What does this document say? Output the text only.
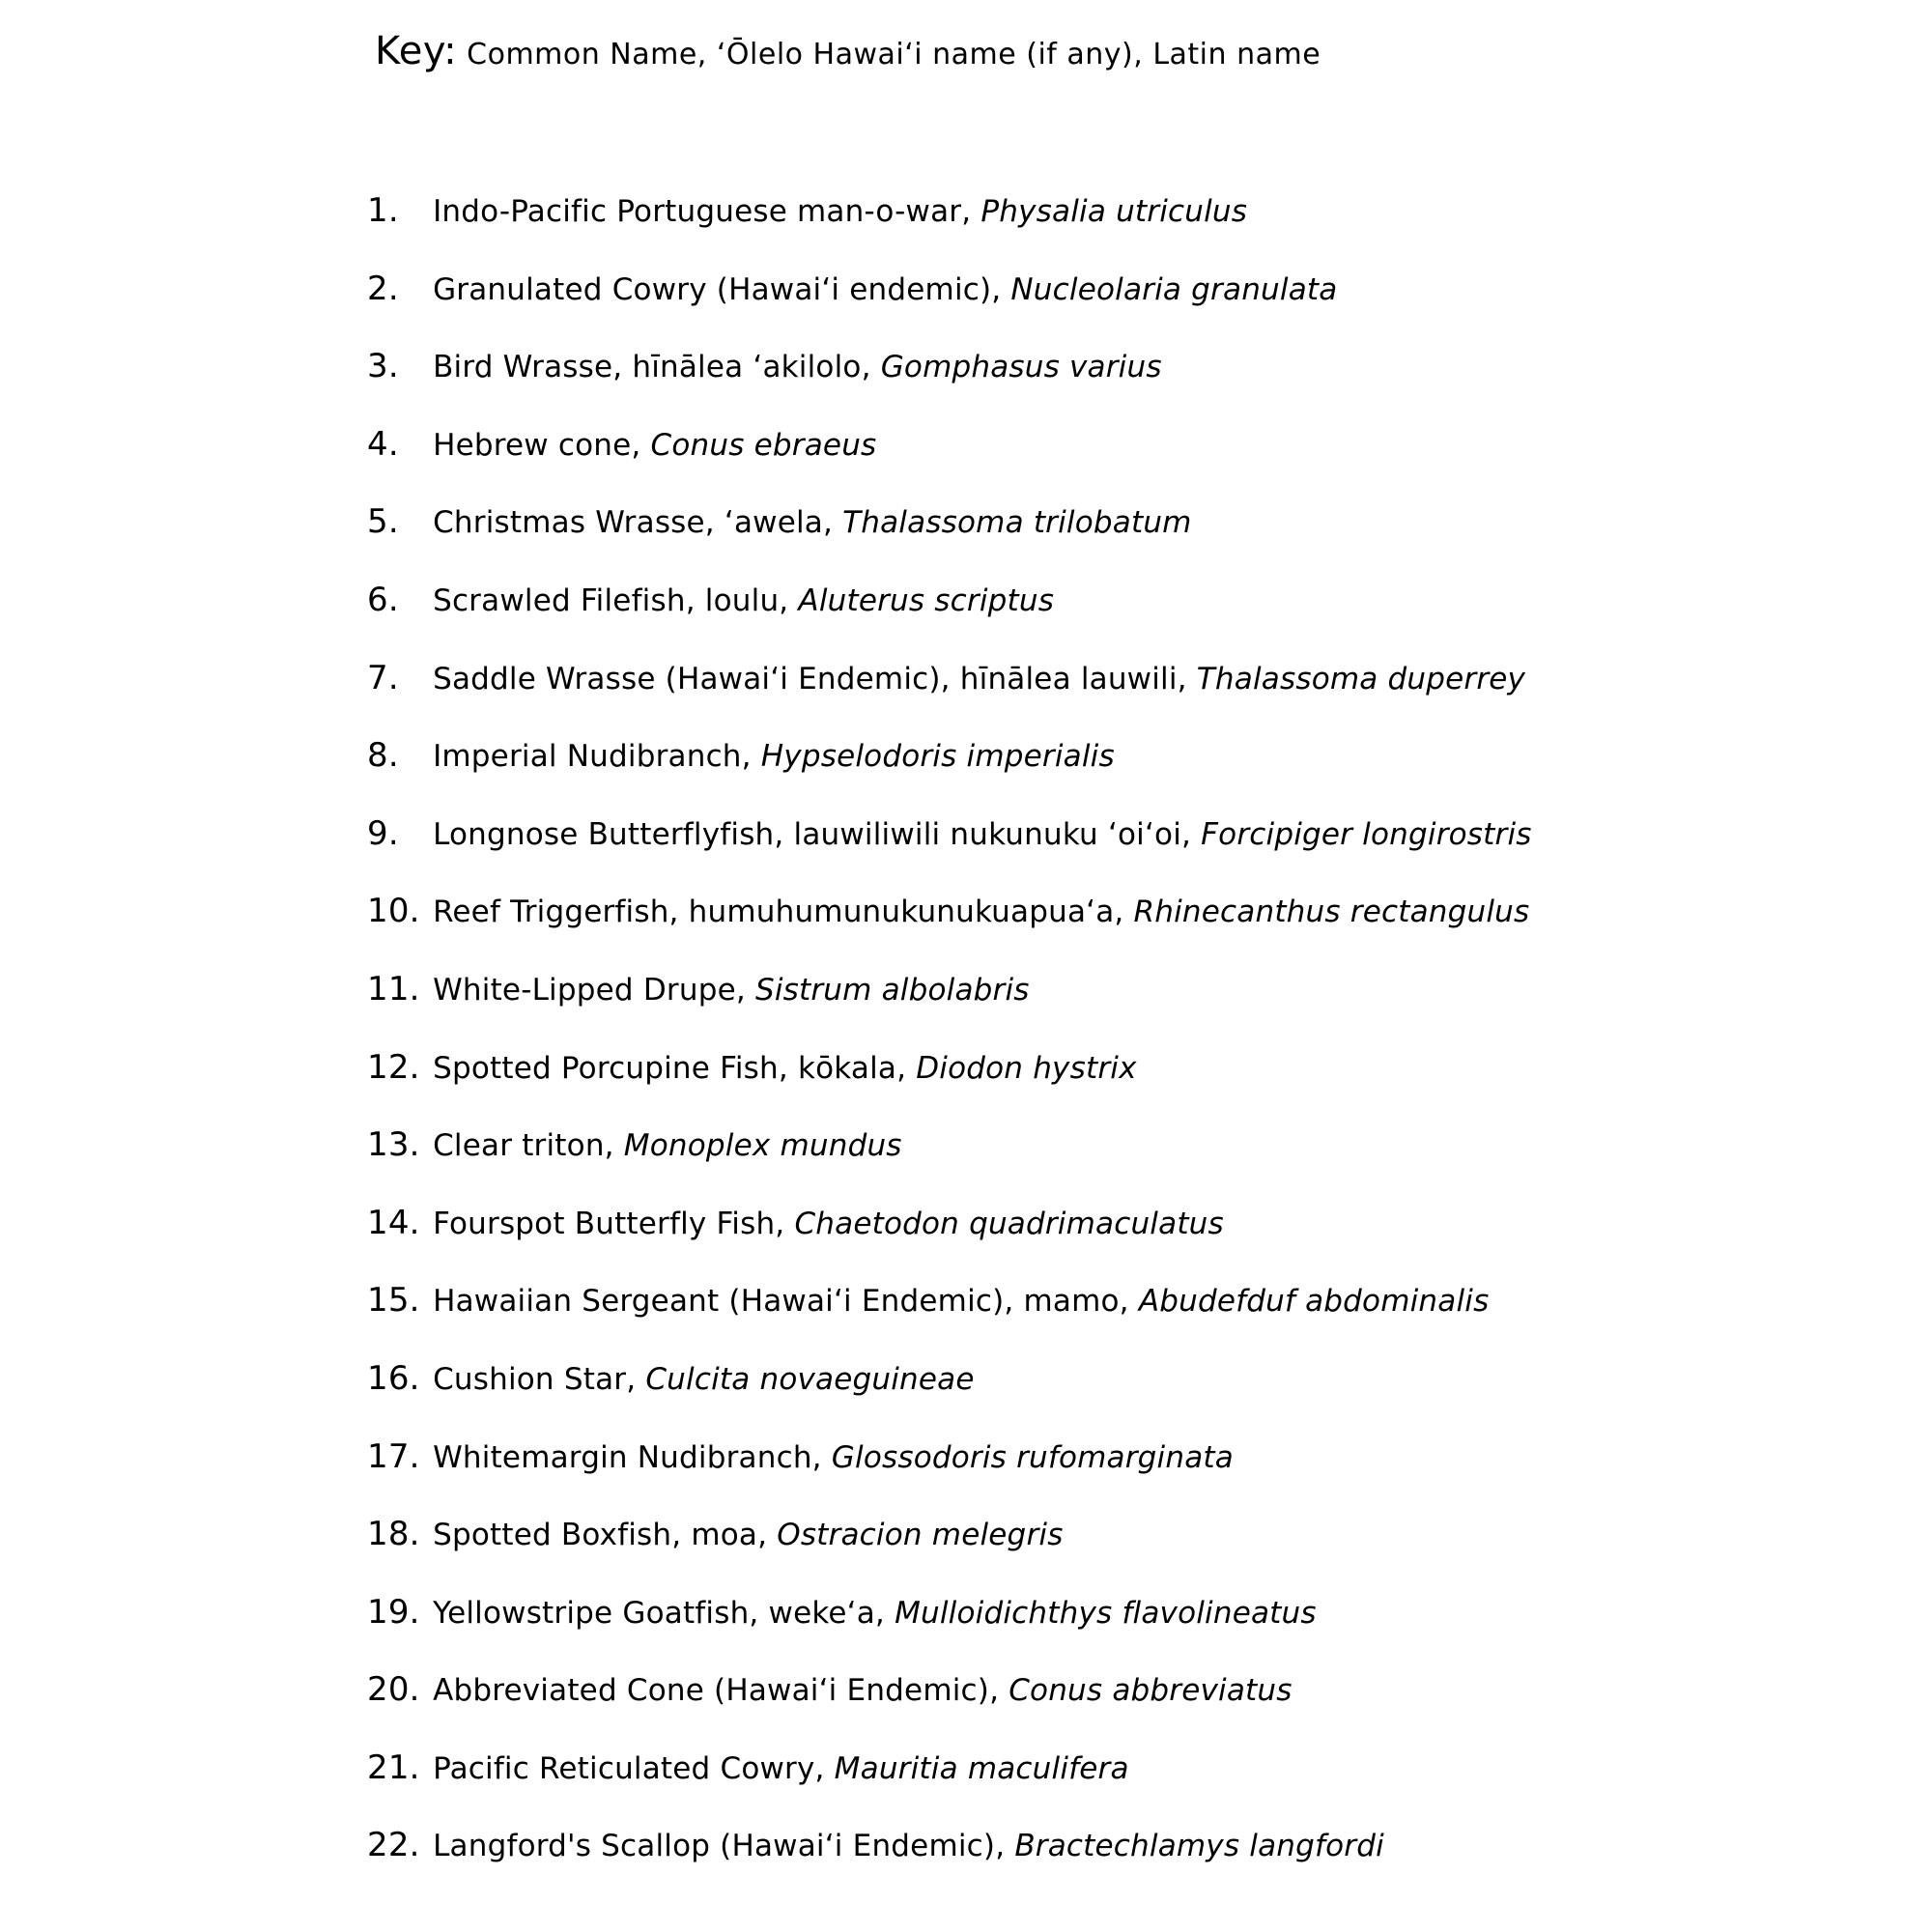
Key: Common Name, ʻŌlelo Hawaiʻi name (if any), Latin name
1. Indo-Pacific Portuguese man-o-war, Physalia utriculus
2. Granulated Cowry (Hawaiʻi endemic), Nucleolaria granulata
3. Bird Wrasse, hīnālea ʻakilolo, Gomphasus varius
4. Hebrew cone, Conus ebraeus
5. Christmas Wrasse, ʻawela, Thalassoma trilobatum
6. Scrawled Filefish, loulu, Aluterus scriptus
7. Saddle Wrasse (Hawaiʻi Endemic), hīnālea lauwili, Thalassoma duperrey
8. Imperial Nudibranch, Hypselodoris imperialis
9. Longnose Butterflyfish, lauwiliwili nukunuku ʻoiʻoi, Forcipiger longirostris
10. Reef Triggerfish, humuhumunukunukuapuaʻa, Rhinecanthus rectangulus
11. White-Lipped Drupe, Sistrum albolabris
12. Spotted Porcupine Fish, kōkala, Diodon hystrix
13. Clear triton, Monoplex mundus
14. Fourspot Butterfly Fish, Chaetodon quadrimaculatus
15. Hawaiian Sergeant (Hawaiʻi Endemic), mamo, Abudefduf abdominalis
16. Cushion Star, Culcita novaeguineae
17. Whitemargin Nudibranch, Glossodoris rufomarginata
18. Spotted Boxfish, moa, Ostracion melegris
19. Yellowstripe Goatfish, wekeʻa, Mulloidichthys flavolineatus
20. Abbreviated Cone (Hawaiʻi Endemic), Conus abbreviatus
21. Pacific Reticulated Cowry, Mauritia maculifera
22. Langford's Scallop (Hawaiʻi Endemic), Bractechlamys langfordi
